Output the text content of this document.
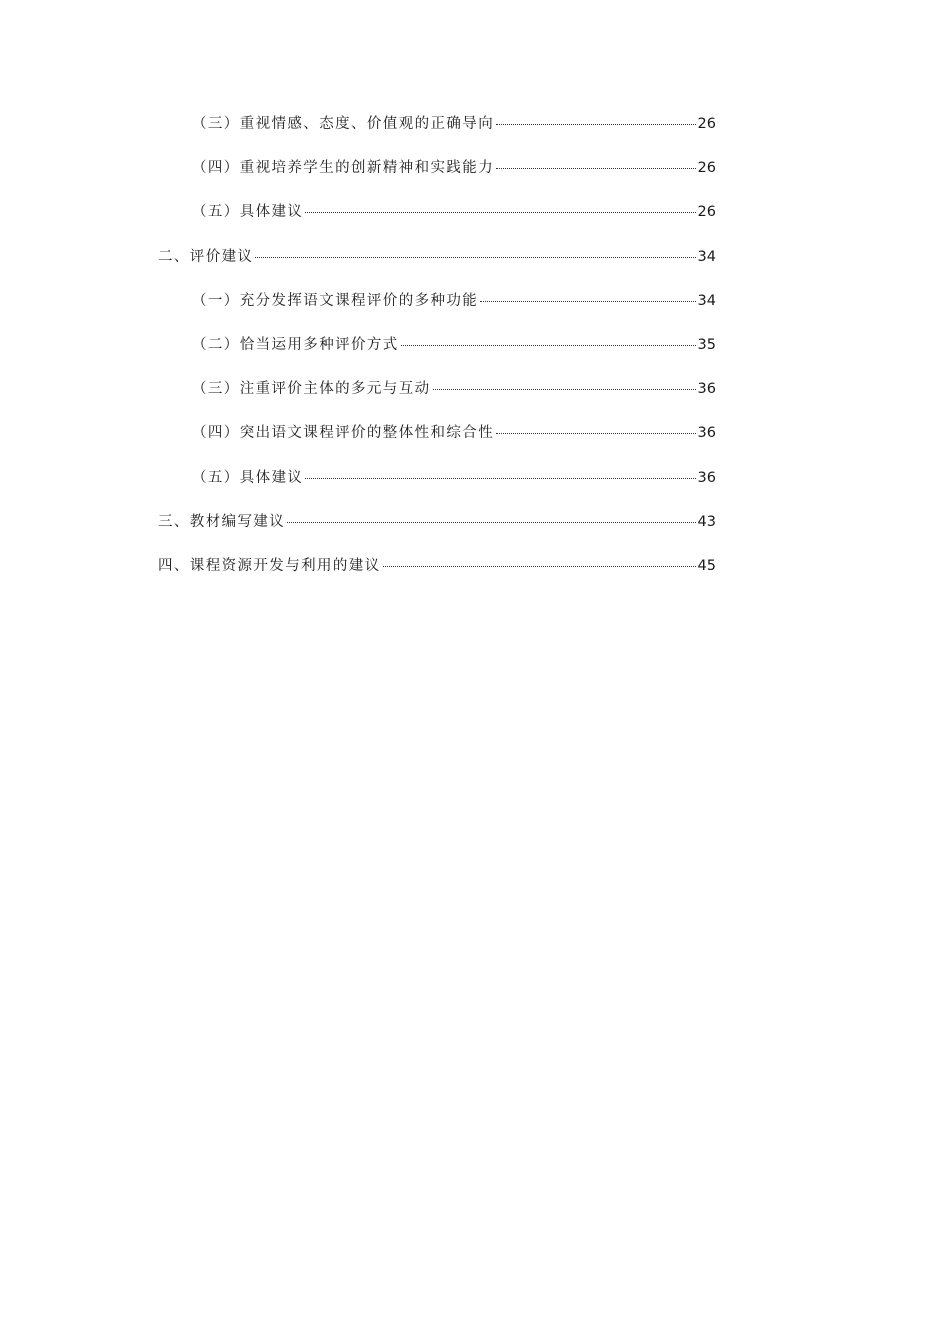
（三）重视情感、态度、价值观的正确导向	26
（四）重视培养学生的创新精神和实践能力	26
（五）具体建议	26
二、评价建议	34
（一）充分发挥语文课程评价的多种功能	34
（二）恰当运用多种评价方式	35
（三）注重评价主体的多元与互动	36
（四）突出语文课程评价的整体性和综合性	36
（五）具体建议	36
三、教材编写建议	43
四、课程资源开发与利用的建议	45
